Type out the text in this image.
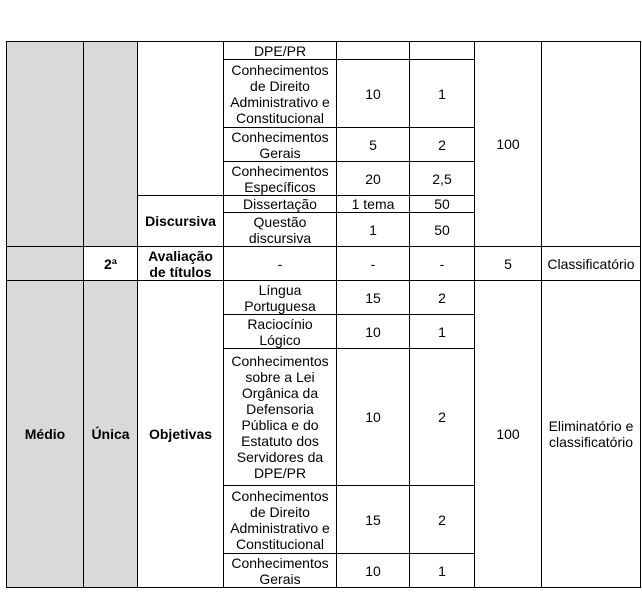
			DPE/PR			100	
			Conhecimentos de Direito Administrativo e Constitucional	10	1		
			Conhecimentos Gerais	5	2		
			Conhecimentos Específicos	20	2,5		
		Discursiva	Dissertação	1 tema	50		
			Questão discursiva	1	50		
	2ª	Avaliação de títulos	-	-	-	5	Classificatório
Médio	Única	Objetivas	Língua Portuguesa	15	2	100	Eliminatório e classificatório
			Raciocínio Lógico	10	1		
			Conhecimentos sobre a Lei Orgânica da Defensoria Pública e do Estatuto dos Servidores da DPE/PR	10	2		
			Conhecimentos de Direito Administrativo e Constitucional	15	2		
			Conhecimentos Gerais	10	1		
